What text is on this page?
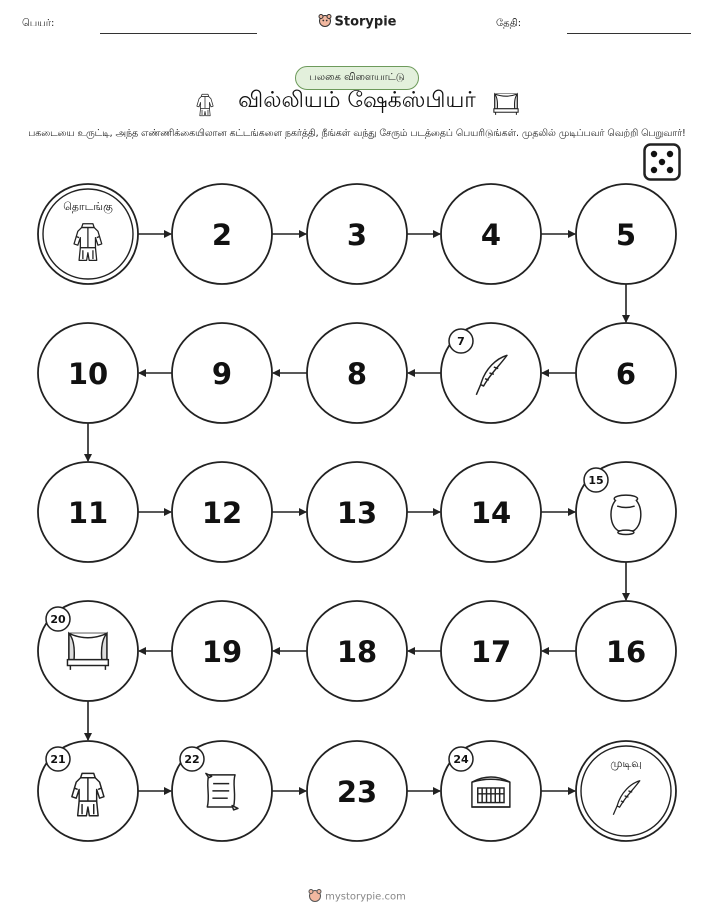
பெயர்:	Storypie	தேதி:
பலகை விளையாட்டு
வில்லியம் ஷேக்ஸ்பியர்
பகடையை உருட்டி, அந்த எண்ணிக்கையிலான கட்டங்களை நகர்த்தி, நீங்கள் வந்து சேரும் படத்தைப் பெயரிடுங்கள். முதலில் முடிப்பவர் வெற்றி பெறுவார்!
தொடங்கு
2	3	4	5
6
7
8
9
10
11	12	13	14
15
16
17
18
19
20
21	22
23
24	முடிவு
mystorypie.com
